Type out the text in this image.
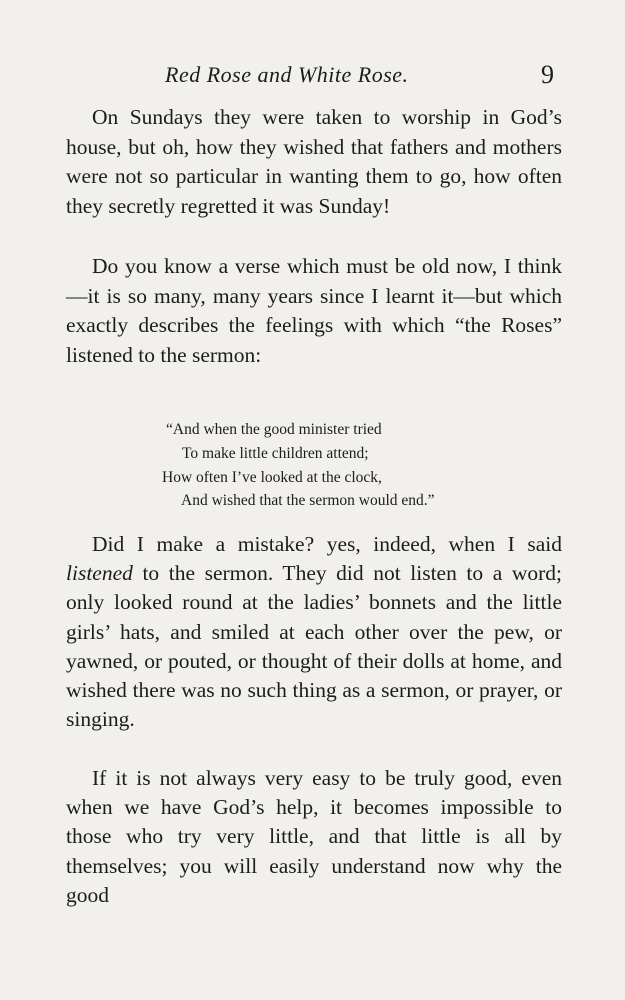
Red Rose and White Rose.	9

On Sundays they were taken to worship in God’s house, but oh, how they wished that fathers and mothers were not so particular in wanting them to go, how often they secretly regretted it was Sunday!

Do you know a verse which must be old now, I think—it is so many, many years since I learnt it—but which exactly describes the feelings with which “the Roses” listened to the sermon:

“And when the good minister tried
To make little children attend;
How often I’ve looked at the clock,
And wished that the sermon would end.”

Did I make a mistake? yes, indeed, when I said listened to the sermon. They did not listen to a word; only looked round at the ladies’ bonnets and the little girls’ hats, and smiled at each other over the pew, or yawned, or pouted, or thought of their dolls at home, and wished there was no such thing as a sermon, or prayer, or singing.

If it is not always very easy to be truly good, even when we have God’s help, it becomes impossible to those who try very little, and that little is all by themselves; you will easily understand now why the good
